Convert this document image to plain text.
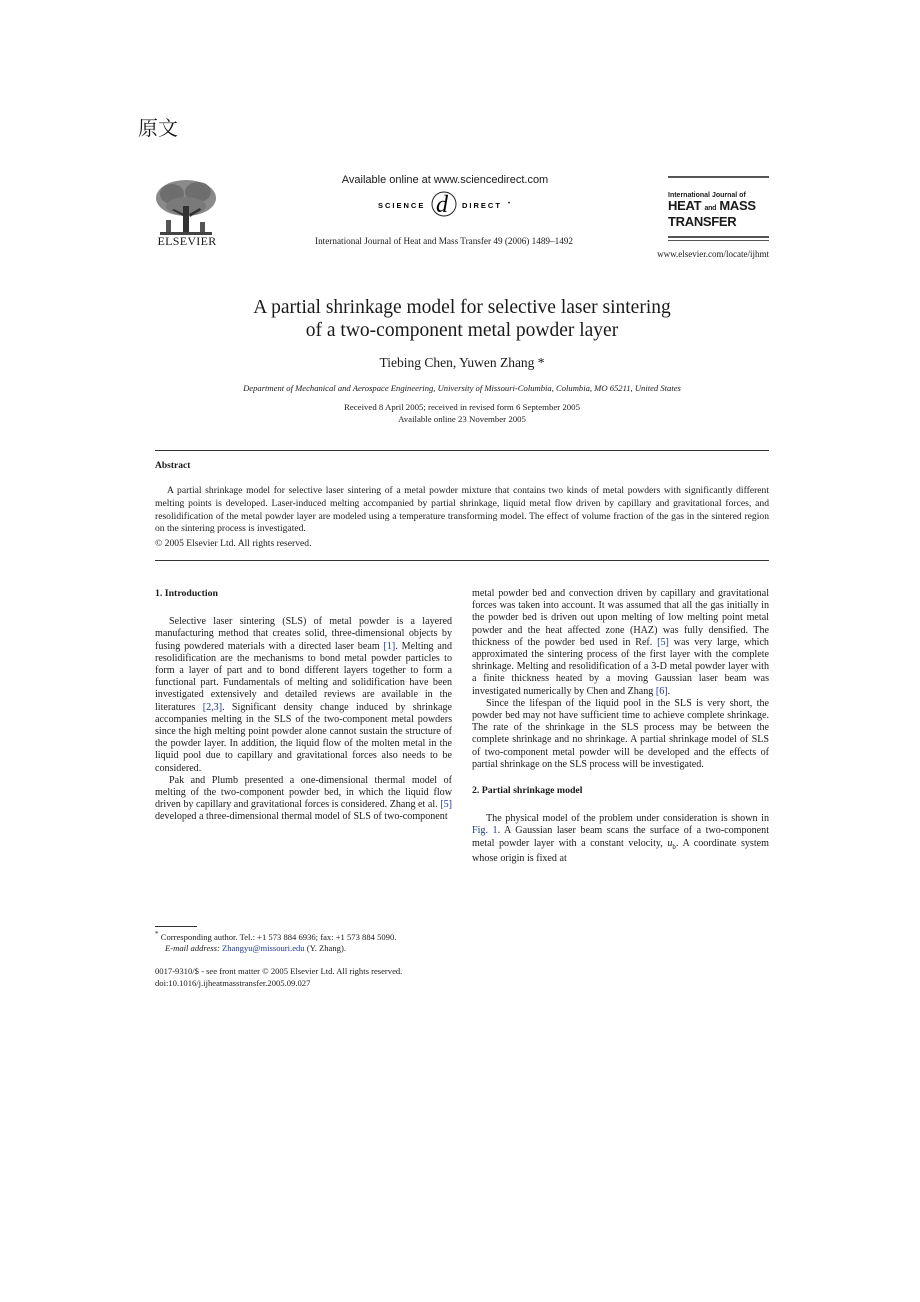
原文
ELSEVIER
Available online at www.sciencedirect.com
SCIENCE d DIRECT •
International Journal of Heat and Mass Transfer 49 (2006) 1489–1492
International Journal of
HEAT and MASS
TRANSFER
www.elsevier.com/locate/ijhmt
A partial shrinkage model for selective laser sintering
of a two-component metal powder layer
Tiebing Chen, Yuwen Zhang *
Department of Mechanical and Aerospace Engineering, University of Missouri-Columbia, Columbia, MO 65211, United States
Received 8 April 2005; received in revised form 6 September 2005
Available online 23 November 2005
Abstract
A partial shrinkage model for selective laser sintering of a metal powder mixture that contains two kinds of metal powders with significantly different melting points is developed. Laser-induced melting accompanied by partial shrinkage, liquid metal flow driven by capillary and gravitational forces, and resolidification of the metal powder layer are modeled using a temperature transforming model. The effect of volume fraction of the gas in the sintered region on the sintering process is investigated.
© 2005 Elsevier Ltd. All rights reserved.
1. Introduction

Selective laser sintering (SLS) of metal powder is a layered manufacturing method that creates solid, three-dimensional objects by fusing powdered materials with a directed laser beam [1]. Melting and resolidification are the mechanisms to bond metal powder particles to form a layer of part and to bond different layers together to form a functional part. Fundamentals of melting and solidification have been investigated extensively and detailed reviews are available in the literatures [2,3]. Significant density change induced by shrinkage accompanies melting in the SLS of the two-component metal powders since the high melting point powder alone cannot sustain the structure of the powder layer. In addition, the liquid flow of the molten metal in the liquid pool due to capillary and gravitational forces also needs to be considered.

Pak and Plumb presented a one-dimensional thermal model of melting of the two-component powder bed, in which the liquid flow driven by capillary and gravitational forces is considered. Zhang et al. [5] developed a three-dimensional thermal model of SLS of two-component

metal powder bed and convection driven by capillary and gravitational forces was taken into account. It was assumed that all the gas initially in the powder bed is driven out upon melting of low melting point metal powder and the heat affected zone (HAZ) was fully densified. The thickness of the powder bed used in Ref. [5] was very large, which approximated the sintering process of the first layer with the complete shrinkage. Melting and resolidification of a 3-D metal powder layer with a finite thickness heated by a moving Gaussian laser beam was investigated numerically by Chen and Zhang [6].

Since the lifespan of the liquid pool in the SLS is very short, the powder bed may not have sufficient time to achieve complete shrinkage. The rate of the shrinkage in the SLS process may be between the complete shrinkage and no shrinkage. A partial shrinkage model of SLS of two-component metal powder will be developed and the effects of partial shrinkage on the SLS process will be investigated.

2. Partial shrinkage model

The physical model of the problem under consideration is shown in Fig. 1. A Gaussian laser beam scans the surface of a two-component metal powder layer with a constant velocity, $u_b$. A coordinate system whose origin is fixed at

* Corresponding author. Tel.: +1 573 884 6936; fax: +1 573 884 5090.
E-mail address: Zhangyu@missouri.edu (Y. Zhang).
0017-9310/$ - see front matter © 2005 Elsevier Ltd. All rights reserved.
doi:10.1016/j.ijheatmasstransfer.2005.09.027
